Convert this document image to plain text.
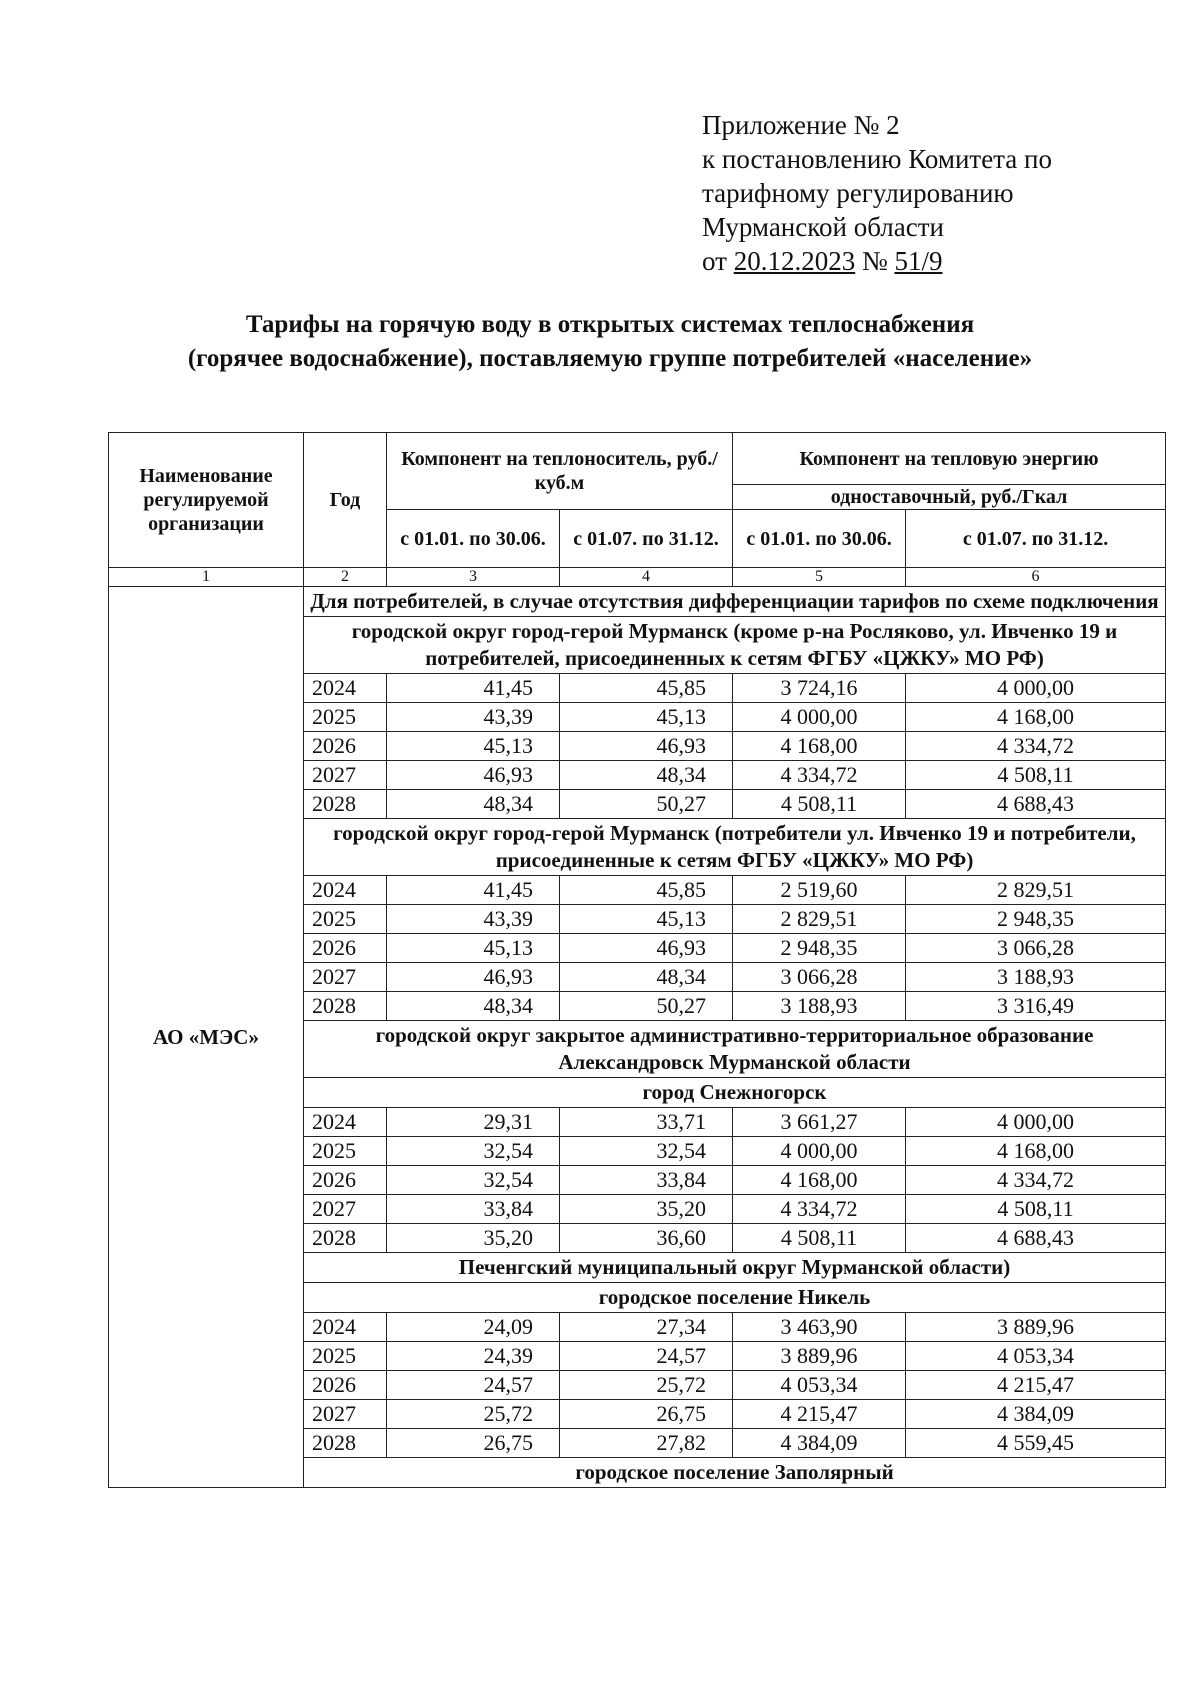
Приложение № 2
к постановлению Комитета по
тарифному регулированию
Мурманской области
от 20.12.2023 № 51/9
Тарифы на горячую воду в открытых системах теплоснабжения
(горячее водоснабжение), поставляемую группе потребителей «население»
Наименование регулируемой организации	Год	Компонент на теплоноситель, руб./куб.м		Компонент на тепловую энергию	
				одноставочный, руб./Гкал	
		с 01.01. по 30.06.	с 01.07. по 31.12.	с 01.01. по 30.06.	с 01.07. по 31.12.
1	2	3	4	5	6
АО «МЭС»	Для потребителей, в случае отсутствия дифференциации тарифов по схеме подключения				
	городской округ город-герой Мурманск (кроме р-на Росляково, ул. Ивченко 19 и потребителей, присоединенных к сетям ФГБУ «ЦЖКУ» МО РФ)				
	2024	41,45	45,85	3 724,16	4 000,00
	2025	43,39	45,13	4 000,00	4 168,00
	2026	45,13	46,93	4 168,00	4 334,72
	2027	46,93	48,34	4 334,72	4 508,11
	2028	48,34	50,27	4 508,11	4 688,43
	городской округ город-герой Мурманск (потребители ул. Ивченко 19 и потребители, присоединенные к сетям ФГБУ «ЦЖКУ» МО РФ)				
	2024	41,45	45,85	2 519,60	2 829,51
	2025	43,39	45,13	2 829,51	2 948,35
	2026	45,13	46,93	2 948,35	3 066,28
	2027	46,93	48,34	3 066,28	3 188,93
	2028	48,34	50,27	3 188,93	3 316,49
	городской округ закрытое административно-территориальное образование Александровск Мурманской области				
	город Снежногорск				
	2024	29,31	33,71	3 661,27	4 000,00
	2025	32,54	32,54	4 000,00	4 168,00
	2026	32,54	33,84	4 168,00	4 334,72
	2027	33,84	35,20	4 334,72	4 508,11
	2028	35,20	36,60	4 508,11	4 688,43
	Печенгский муниципальный округ Мурманской области)				
	городское поселение Никель				
	2024	24,09	27,34	3 463,90	3 889,96
	2025	24,39	24,57	3 889,96	4 053,34
	2026	24,57	25,72	4 053,34	4 215,47
	2027	25,72	26,75	4 215,47	4 384,09
	2028	26,75	27,82	4 384,09	4 559,45
	городское поселение Заполярный				
